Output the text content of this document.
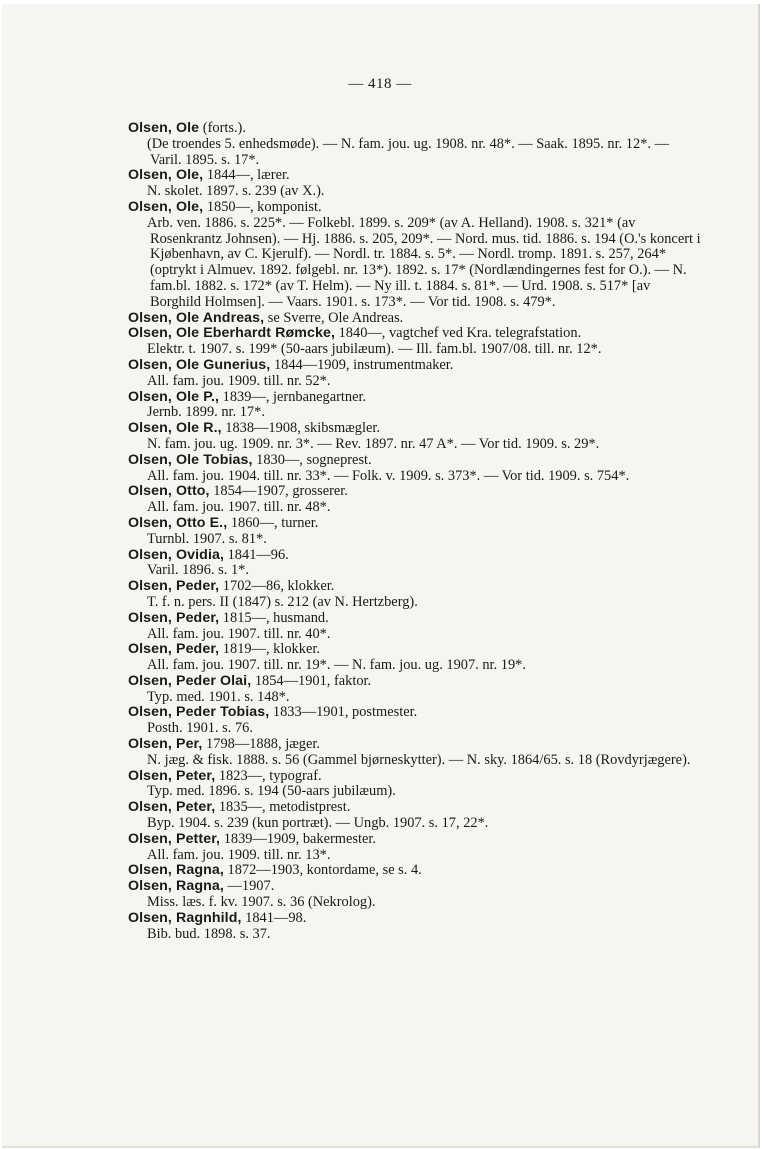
— 418 —
Olsen, Ole (forts.).
(De troendes 5. enhedsmøde). — N. fam. jou. ug. 1908. nr. 48*. — Saak. 1895. nr. 12*. — Varil. 1895. s. 17*.
Olsen, Ole, 1844—, lærer.
N. skolet. 1897. s. 239 (av X.).
Olsen, Ole, 1850—, komponist.
Arb. ven. 1886. s. 225*. — Folkebl. 1899. s. 209* (av A. Helland). 1908. s. 321* (av Rosenkrantz Johnsen). — Hj. 1886. s. 205, 209*. — Nord. mus. tid. 1886. s. 194 (O.'s koncert i Kjøbenhavn, av C. Kjerulf). — Nordl. tr. 1884. s. 5*. — Nordl. tromp. 1891. s. 257, 264* (optrykt i Almuev. 1892. følgebl. nr. 13*). 1892. s. 17* (Nordlændingernes fest for O.). — N. fam.bl. 1882. s. 172* (av T. Helm). — Ny ill. t. 1884. s. 81*. — Urd. 1908. s. 517* [av Borghild Holmsen]. — Vaars. 1901. s. 173*. — Vor tid. 1908. s. 479*.
Olsen, Ole Andreas, se Sverre, Ole Andreas.
Olsen, Ole Eberhardt Rømcke, 1840—, vagtchef ved Kra. telegrafstation.
Elektr. t. 1907. s. 199* (50-aars jubilæum). — Ill. fam.bl. 1907/08. till. nr. 12*.
Olsen, Ole Gunerius, 1844—1909, instrumentmaker.
All. fam. jou. 1909. till. nr. 52*.
Olsen, Ole P., 1839—, jernbanegartner.
Jernb. 1899. nr. 17*.
Olsen, Ole R., 1838—1908, skibsmægler.
N. fam. jou. ug. 1909. nr. 3*. — Rev. 1897. nr. 47 A*. — Vor tid. 1909. s. 29*.
Olsen, Ole Tobias, 1830—, sogneprest.
All. fam. jou. 1904. till. nr. 33*. — Folk. v. 1909. s. 373*. — Vor tid. 1909. s. 754*.
Olsen, Otto, 1854—1907, grosserer.
All. fam. jou. 1907. till. nr. 48*.
Olsen, Otto E., 1860—, turner.
Turnbl. 1907. s. 81*.
Olsen, Ovidia, 1841—96.
Varil. 1896. s. 1*.
Olsen, Peder, 1702—86, klokker.
T. f. n. pers. II (1847) s. 212 (av N. Hertzberg).
Olsen, Peder, 1815—, husmand.
All. fam. jou. 1907. till. nr. 40*.
Olsen, Peder, 1819—, klokker.
All. fam. jou. 1907. till. nr. 19*. — N. fam. jou. ug. 1907. nr. 19*.
Olsen, Peder Olai, 1854—1901, faktor.
Typ. med. 1901. s. 148*.
Olsen, Peder Tobias, 1833—1901, postmester.
Posth. 1901. s. 76.
Olsen, Per, 1798—1888, jæger.
N. jæg. & fisk. 1888. s. 56 (Gammel bjørneskytter). — N. sky. 1864/65. s. 18 (Rovdyrjægere).
Olsen, Peter, 1823—, typograf.
Typ. med. 1896. s. 194 (50-aars jubilæum).
Olsen, Peter, 1835—, metodistprest.
Byp. 1904. s. 239 (kun portræt). — Ungb. 1907. s. 17, 22*.
Olsen, Petter, 1839—1909, bakermester.
All. fam. jou. 1909. till. nr. 13*.
Olsen, Ragna, 1872—1903, kontordame, se s. 4.
Olsen, Ragna, —1907.
Miss. læs. f. kv. 1907. s. 36 (Nekrolog).
Olsen, Ragnhild, 1841—98.
Bib. bud. 1898. s. 37.
